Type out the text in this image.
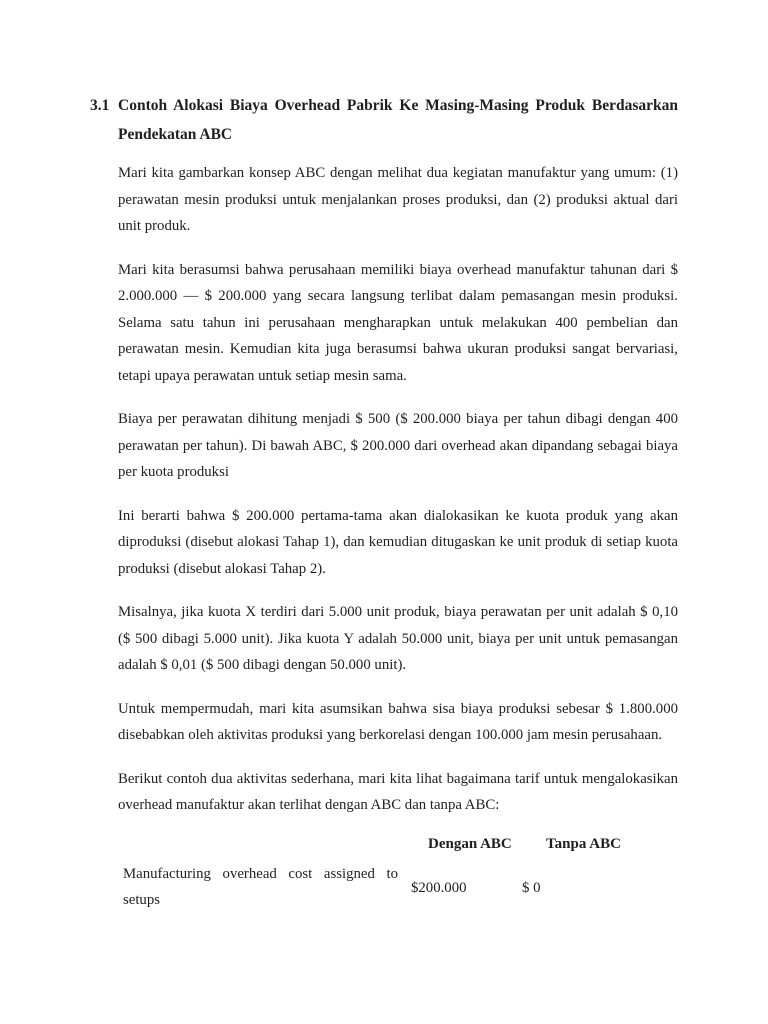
3.1 Contoh Alokasi Biaya Overhead Pabrik Ke Masing-Masing Produk Berdasarkan Pendekatan ABC

Mari kita gambarkan konsep ABC dengan melihat dua kegiatan manufaktur yang umum: (1) perawatan mesin produksi untuk menjalankan proses produksi, dan (2) produksi aktual dari unit produk.

Mari kita berasumsi bahwa perusahaan memiliki biaya overhead manufaktur tahunan dari $ 2.000.000 — $ 200.000 yang secara langsung terlibat dalam pemasangan mesin produksi. Selama satu tahun ini perusahaan mengharapkan untuk melakukan 400 pembelian dan perawatan mesin. Kemudian kita juga berasumsi bahwa ukuran produksi sangat bervariasi, tetapi upaya perawatan untuk setiap mesin sama.

Biaya per perawatan dihitung menjadi $ 500 ($ 200.000 biaya per tahun dibagi dengan 400 perawatan per tahun). Di bawah ABC, $ 200.000 dari overhead akan dipandang sebagai biaya per kuota produksi

Ini berarti bahwa $ 200.000 pertama-tama akan dialokasikan ke kuota produk yang akan diproduksi (disebut alokasi Tahap 1), dan kemudian ditugaskan ke unit produk di setiap kuota produksi (disebut alokasi Tahap 2).

Misalnya, jika kuota X terdiri dari 5.000 unit produk, biaya perawatan per unit adalah $ 0,10 ($ 500 dibagi 5.000 unit). Jika kuota Y adalah 50.000 unit, biaya per unit untuk pemasangan adalah $ 0,01 ($ 500 dibagi dengan 50.000 unit).

Untuk mempermudah, mari kita asumsikan bahwa sisa biaya produksi sebesar $ 1.800.000 disebabkan oleh aktivitas produksi yang berkorelasi dengan 100.000 jam mesin perusahaan.

Berikut contoh dua aktivitas sederhana, mari kita lihat bagaimana tarif untuk mengalokasikan overhead manufaktur akan terlihat dengan ABC dan tanpa ABC:

Dengan ABC Tanpa ABC
Manufacturing overhead cost assigned to setups
$200.000	$ 0
